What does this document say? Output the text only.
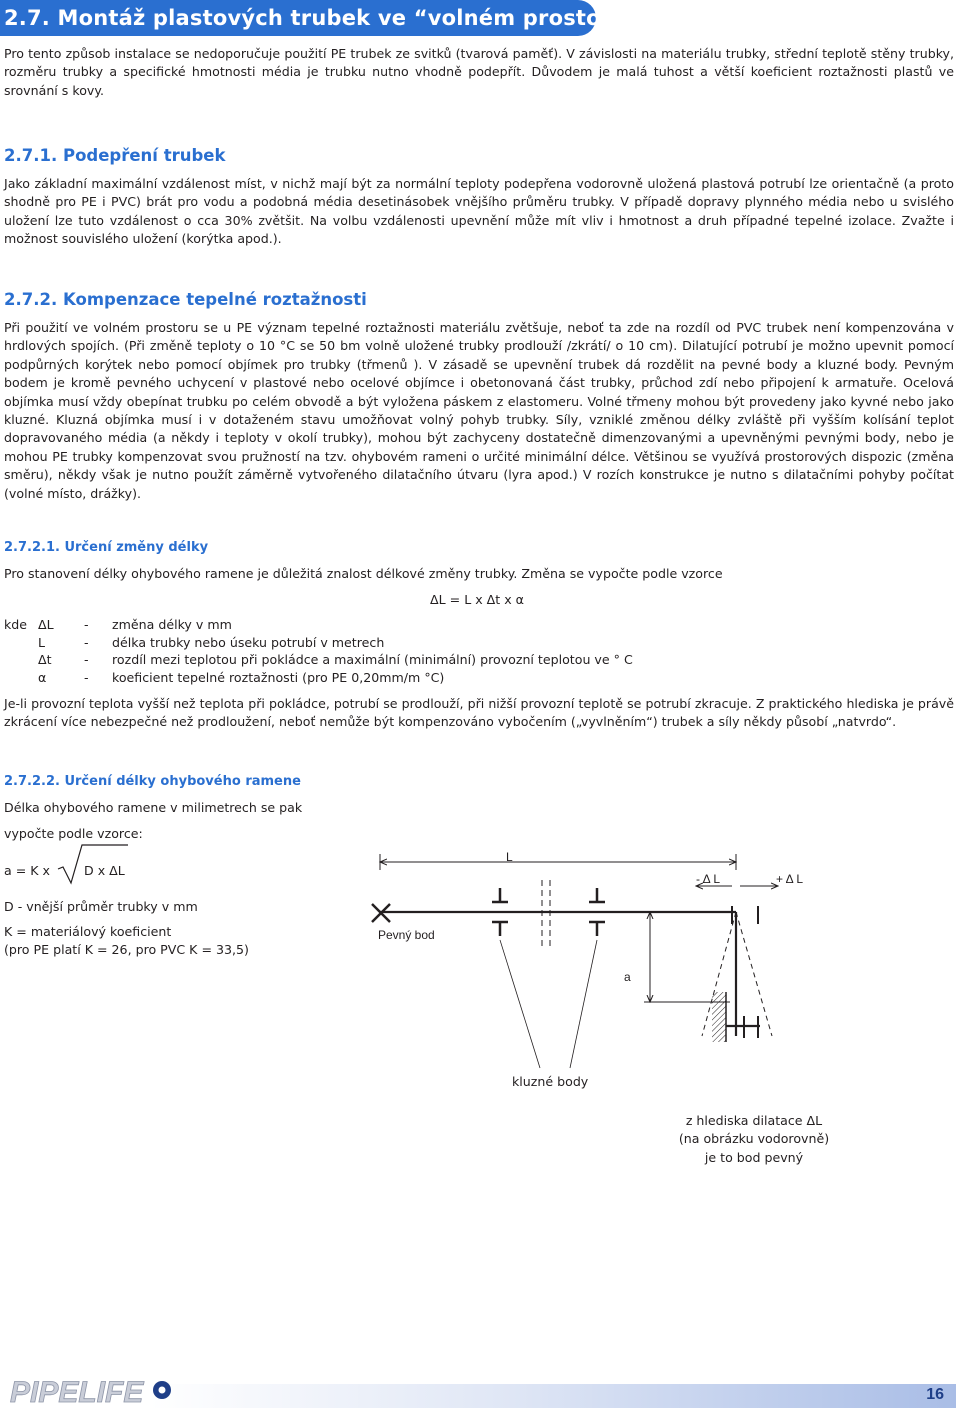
2.7. Montáž plastových trubek ve “volném prostoru”

Pro tento způsob instalace se nedoporučuje použití PE trubek ze svitků (tvarová paměť). V závislosti na materiálu trubky, střední teplotě stěny trubky, rozměru trubky a specifické hmotnosti média je trubku nutno vhodně podepřít. Důvodem je malá tuhost a větší koeficient roztažnosti plastů ve srovnání s kovy.

2.7.1. Podepření trubek

Jako základní maximální vzdálenost míst, v nichž mají být za normální teploty podepřena vodorovně uložená plastová potrubí lze orientačně (a proto shodně pro PE i PVC) brát pro vodu a podobná média desetinásobek vnějšího průměru trubky. V případě dopravy plynného média nebo u svislého uložení lze tuto vzdálenost o cca 30% zvětšit. Na volbu vzdálenosti upevnění může mít vliv i hmotnost a druh případné tepelné izolace. Zvažte i možnost souvislého uložení (korýtka apod.).

2.7.2. Kompenzace tepelné roztažnosti

Při použití ve volném prostoru se u PE význam tepelné roztažnosti materiálu zvětšuje, neboť ta zde na rozdíl od PVC trubek není kompenzována v hrdlových spojích. (Při změně teploty o 10 °C se 50 bm volně uložené trubky prodlouží /zkrátí/ o 10 cm). Dilatující potrubí je možno upevnit pomocí podpůrných korýtek nebo pomocí objímek pro trubky (třmenů ). V zásadě se upevnění trubek dá rozdělit na pevné body a kluzné body. Pevným bodem je kromě pevného uchycení v plastové nebo ocelové objímce i obetonovaná část trubky, průchod zdí nebo připojení k armatuře. Ocelová objímka musí vždy obepínat trubku po celém obvodě a být vyložena páskem z elastomeru. Volné třmeny mohou být provedeny jako kyvné nebo jako kluzné. Kluzná objímka musí i v dotaženém stavu umožňovat volný pohyb trubky. Síly, vzniklé změnou délky zvláště při vyšším kolísání teplot dopravovaného média (a někdy i teploty v okolí trubky), mohou být zachyceny dostatečně dimenzovanými a upevněnými pevnými body, nebo je mohou PE trubky kompenzovat svou pružností na tzv. ohybovém rameni o určité minimální délce. Většinou se využívá prostorových dispozic (změna směru), někdy však je nutno použít záměrně vytvořeného dilatačního útvaru (lyra apod.) V rozích konstrukce je nutno s dilatačními pohyby počítat (volné místo, drážky).

2.7.2.1. Určení změny délky

Pro stanovení délky ohybového ramene je důležitá znalost délkové změny trubky. Změna se vypočte podle vzorce

ΔL = L x Δt x α

kde ΔL	-	změna délky v mm
L	-	délka trubky nebo úseku potrubí v metrech
Δt	-	rozdíl mezi teplotou při pokládce a maximální (minimální) provozní teplotou ve ° C
α	-	koeficient tepelné roztažnosti (pro PE 0,20mm/m °C)

Je-li provozní teplota vyšší než teplota při pokládce, potrubí se prodlouží, při nižší provozní teplotě se potrubí zkracuje. Z praktického hlediska je právě zkrácení více nebezpečné než prodloužení, neboť nemůže být kompenzováno vybočením („vyvlněním“) trubek a síly někdy působí „natvrdo“.

2.7.2.2. Určení délky ohybového ramene

Délka ohybového ramene v milimetrech se pak

vypočte podle vzorce:

a = K x	D x ΔL

D - vnější průměr trubky v mm

K = materiálový koeficient

(pro PE platí K = 26, pro PVC K = 33,5)

L
- Δ L	+ Δ L
Pevný bod
a
kluzné body
z hlediska dilatace ΔL
(na obrázku vodorovně)
je to bod pevný
PIPELIFE	16
